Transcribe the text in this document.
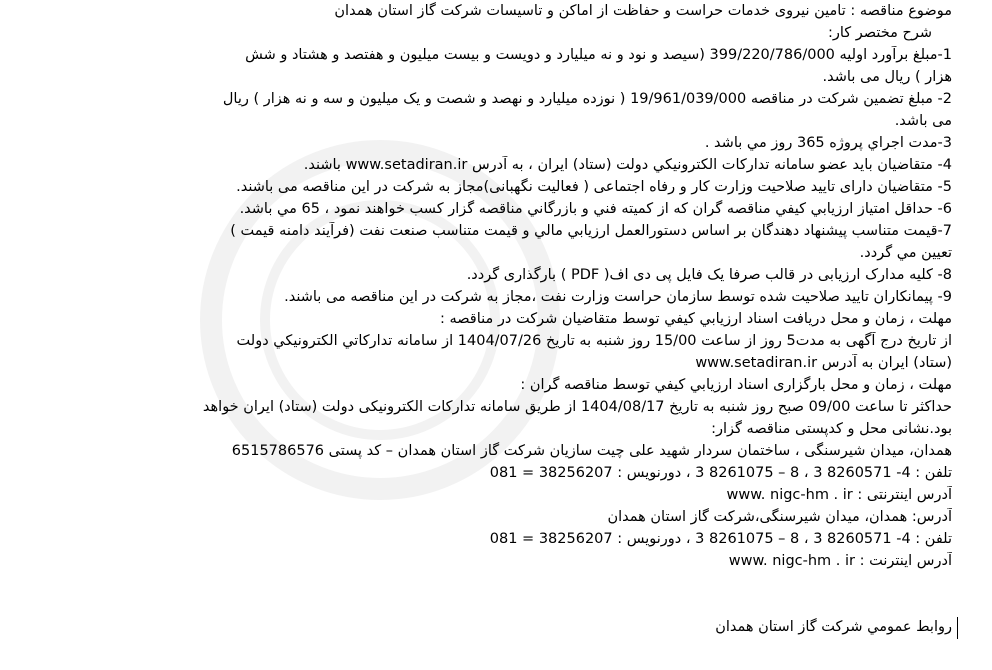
موضوع مناقصه : تامین نیروی خدمات حراست و حفاظت از اماکن و تاسیسات شرکت گاز استان همدان
شرح مختصر کار:
1-مبلغ برآورد اولیه 399/220/786/000 (سیصد و نود و نه میلیارد و دویست و بیست میلیون و هفتصد و هشتاد و شش
هزار ) ریال می باشد.
2- مبلغ تضمین شرکت در مناقصه 19/961/039/000 ( نوزده میلیارد و نهصد و شصت و یک میلیون و سه و نه هزار ) ریال
می باشد.
3-مدت اجراي پروژه 365 روز مي باشد .
4- متقاضیان باید عضو سامانه تداركات الكترونيكي دولت (ستاد) ایران ، به آدرس www.setadiran.ir باشند.
5- متقاضیان دارای تایید صلاحیت وزارت کار و رفاه اجتماعی ( فعالیت نگهبانی)مجاز به شرکت در این مناقصه می باشند.
6- حداقل امتياز ارزيابي كيفي مناقصه گران كه از كميته فني و بازرگاني مناقصه گزار كسب خواهند نمود ، 65 مي باشد.
7-قیمت متناسب پیشنهاد دهندگان بر اساس دستورالعمل ارزيابي مالي و قيمت متناسب صنعت نفت (فرآيند دامنه قيمت )
تعيين مي گردد.
8- کلیه مدارک ارزیابی در قالب صرفا یک فایل پی دی اف( PDF ) بارگذاری گردد.
9- پیمانکاران تایید صلاحیت شده توسط سازمان حراست وزارت نفت ،مجاز به شرکت در این مناقصه می باشند.
مهلت ، زمان و محل دريافت اسناد ارزيابي كيفي توسط متقاضيان شركت در مناقصه :
از تاریخ درج آگهی به مدت5 روز از ساعت 15/00 روز شنبه به تاریخ 1404/07/26 از سامانه تداركاتي الكترونيكي دولت
(ستاد) ايران به آدرس www.setadiran.ir
مهلت ، زمان و محل بارگزاری اسناد ارزيابي كيفي توسط مناقصه گران :
حداکثر تا ساعت 09/00 صبح روز شنبه به تاریخ 1404/08/17 از طریق سامانه تداركات الكترونيكی دولت (ستاد) ایران خواهد
بود.نشانی محل و کدپستی مناقصه گزار:
همدان، میدان شیرسنگی ، ساختمان سردار شهید علی چیت سازیان شرکت گاز استان همدان – کد پستی 6515786576
تلفن : 4- 8260571 3 ، 8 – 8261075 3 ، دورنویس : 38256207 = 081
آدرس اینترنتی : www. nigc-hm . ir
آدرس: همدان، میدان شیرسنگی،شرکت گاز استان همدان
تلفن : 4- 8260571 3 ، 8 – 8261075 3 ، دورنویس : 38256207 = 081
آدرس اینترنت : www. nigc-hm . ir
روابط عمومي شركت گاز استان همدان
